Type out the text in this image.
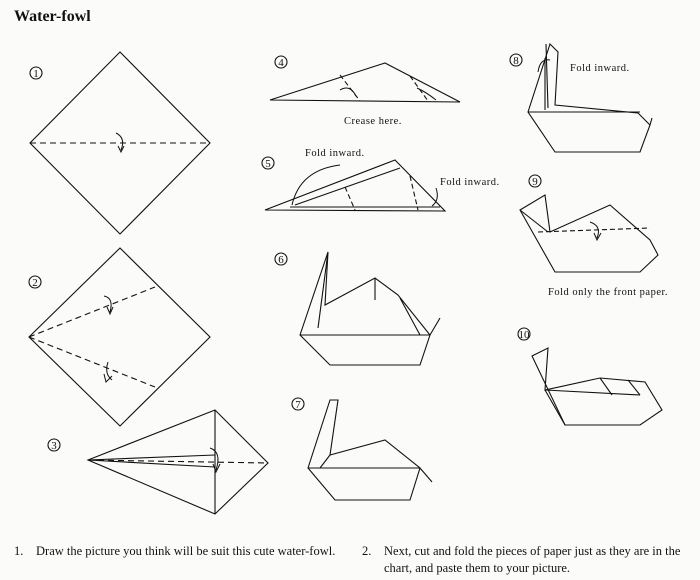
Water-fowl
1
2
3
4
Crease here.
5
Fold inward.
Fold inward.
6
7
8
Fold inward.
9
Fold only the front paper.
10
1. Draw the picture you think will be suit this cute water-fowl.	2. Next, cut and fold the pieces of paper just as they are in the chart, and paste them to your picture.
